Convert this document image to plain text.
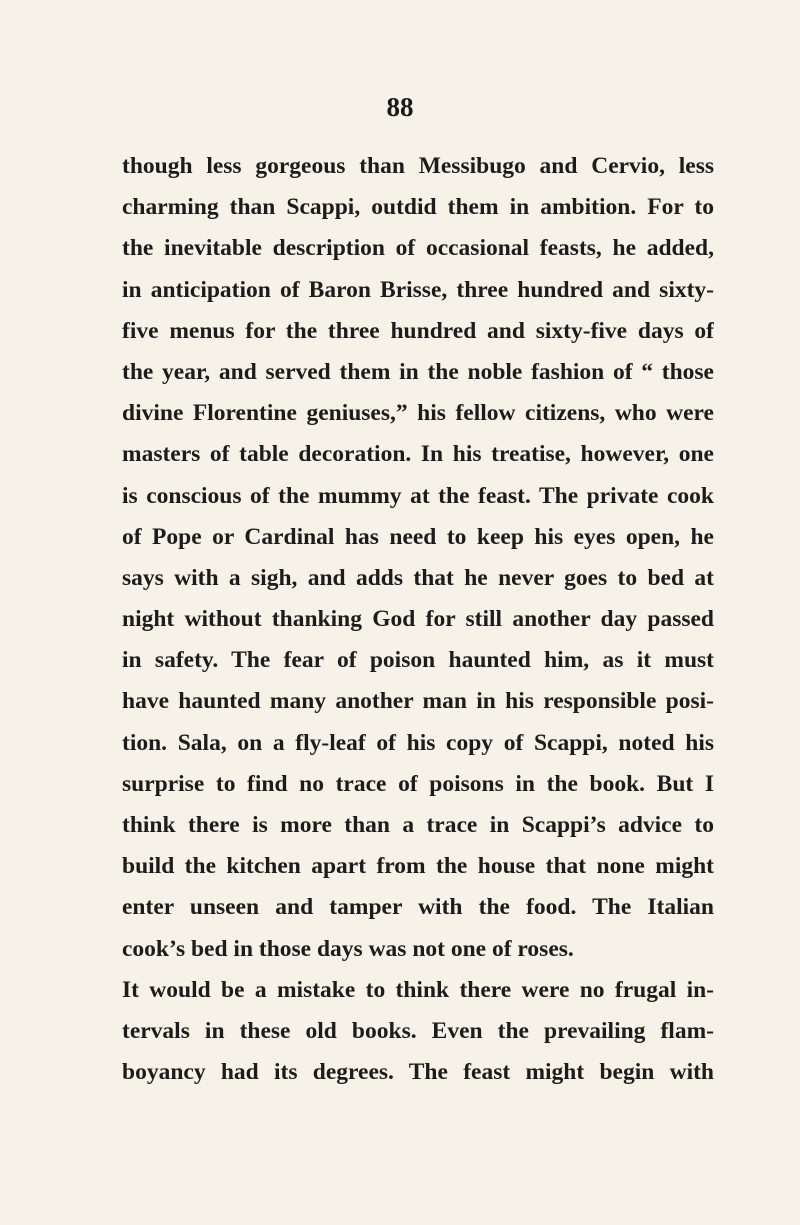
88
though less gorgeous than Messibugo and Cervio, less
charming than Scappi, outdid them in ambition. For to
the inevitable description of occasional feasts, he added,
in anticipation of Baron Brisse, three hundred and sixty-
five menus for the three hundred and sixty-five days of
the year, and served them in the noble fashion of “ those
divine Florentine geniuses,” his fellow citizens, who were
masters of table decoration. In his treatise, however, one
is conscious of the mummy at the feast. The private cook
of Pope or Cardinal has need to keep his eyes open, he
says with a sigh, and adds that he never goes to bed at
night without thanking God for still another day passed
in safety. The fear of poison haunted him, as it must
have haunted many another man in his responsible posi-
tion. Sala, on a fly-leaf of his copy of Scappi, noted his
surprise to find no trace of poisons in the book. But I
think there is more than a trace in Scappi’s advice to
build the kitchen apart from the house that none might
enter unseen and tamper with the food. The Italian
cook’s bed in those days was not one of roses.
It would be a mistake to think there were no frugal in-
tervals in these old books. Even the prevailing flam-
boyancy had its degrees. The feast might begin with
